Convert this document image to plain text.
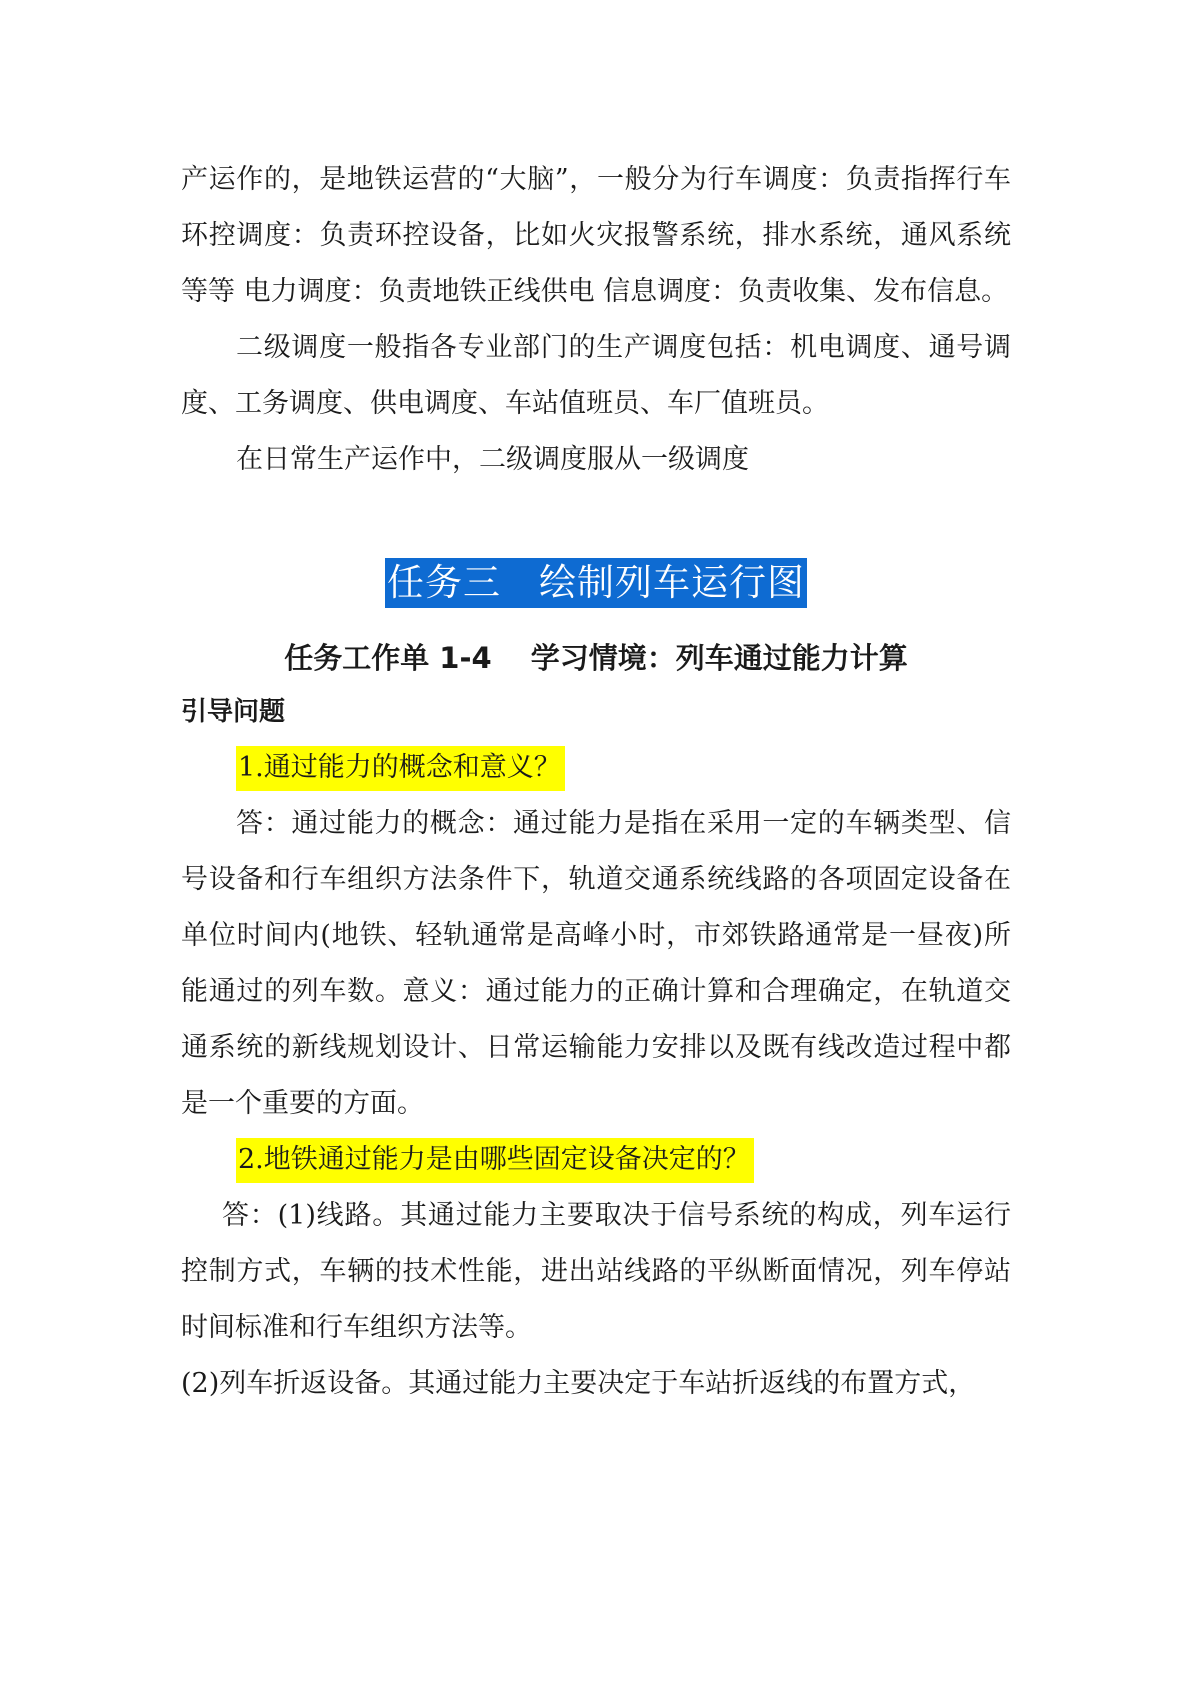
产运作的，是地铁运营的“大脑”，一般分为行车调度：负责指挥行车 环控调度：负责环控设备，比如火灾报警系统，排水系统，通风系统等等 电力调度：负责地铁正线供电 信息调度：负责收集、发布信息。

二级调度一般指各专业部门的生产调度包括：机电调度、通号调度、工务调度、供电调度、车站值班员、车厂值班员。

在日常生产运作中，二级调度服从一级调度

任务三　绘制列车运行图
任务工作单 1-4　 学习情境：列车通过能力计算

引导问题

1.通过能力的概念和意义？

答：通过能力的概念：通过能力是指在采用一定的车辆类型、信号设备和行车组织方法条件下，轨道交通系统线路的各项固定设备在单位时间内(地铁、轻轨通常是高峰小时，市郊铁路通常是一昼夜)所能通过的列车数。意义：通过能力的正确计算和合理确定，在轨道交通系统的新线规划设计、日常运输能力安排以及既有线改造过程中都是一个重要的方面。

2.地铁通过能力是由哪些固定设备决定的？

答：(1)线路。其通过能力主要取决于信号系统的构成，列车运行控制方式，车辆的技术性能，进出站线路的平纵断面情况，列车停站时间标准和行车组织方法等。

(2)列车折返设备。其通过能力主要决定于车站折返线的布置方式，
